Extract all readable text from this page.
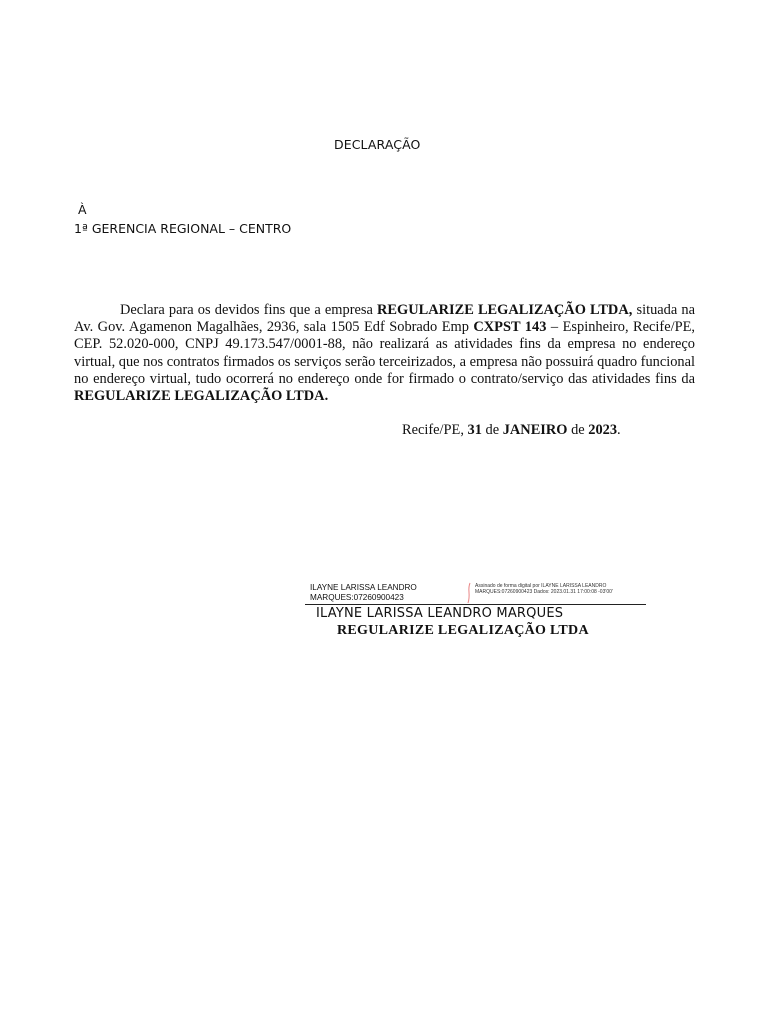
DECLARAÇÃO
À
1ª GERENCIA REGIONAL – CENTRO
Declara para os devidos fins que a empresa REGULARIZE LEGALIZAÇÃO LTDA, situada na Av. Gov. Agamenon Magalhães, 2936, sala 1505 Edf Sobrado Emp CXPST 143 – Espinheiro, Recife/PE, CEP. 52.020-000, CNPJ 49.173.547/0001-88, não realizará as atividades fins da empresa no endereço virtual, que nos contratos firmados os serviços serão terceirizados, a empresa não possuirá quadro funcional no endereço virtual, tudo ocorrerá no endereço onde for firmado o contrato/serviço das atividades fins da REGULARIZE LEGALIZAÇÃO LTDA.
Recife/PE, 31 de JANEIRO de 2023.
ILAYNE LARISSA LEANDRO MARQUES:07260900423
Assinado de forma digital por ILAYNE LARISSA LEANDRO MARQUES:07260900423 Dados: 2023.01.31 17:00:08 -03'00'
ILAYNE LARISSA LEANDRO MARQUES
REGULARIZE LEGALIZAÇÃO LTDA
